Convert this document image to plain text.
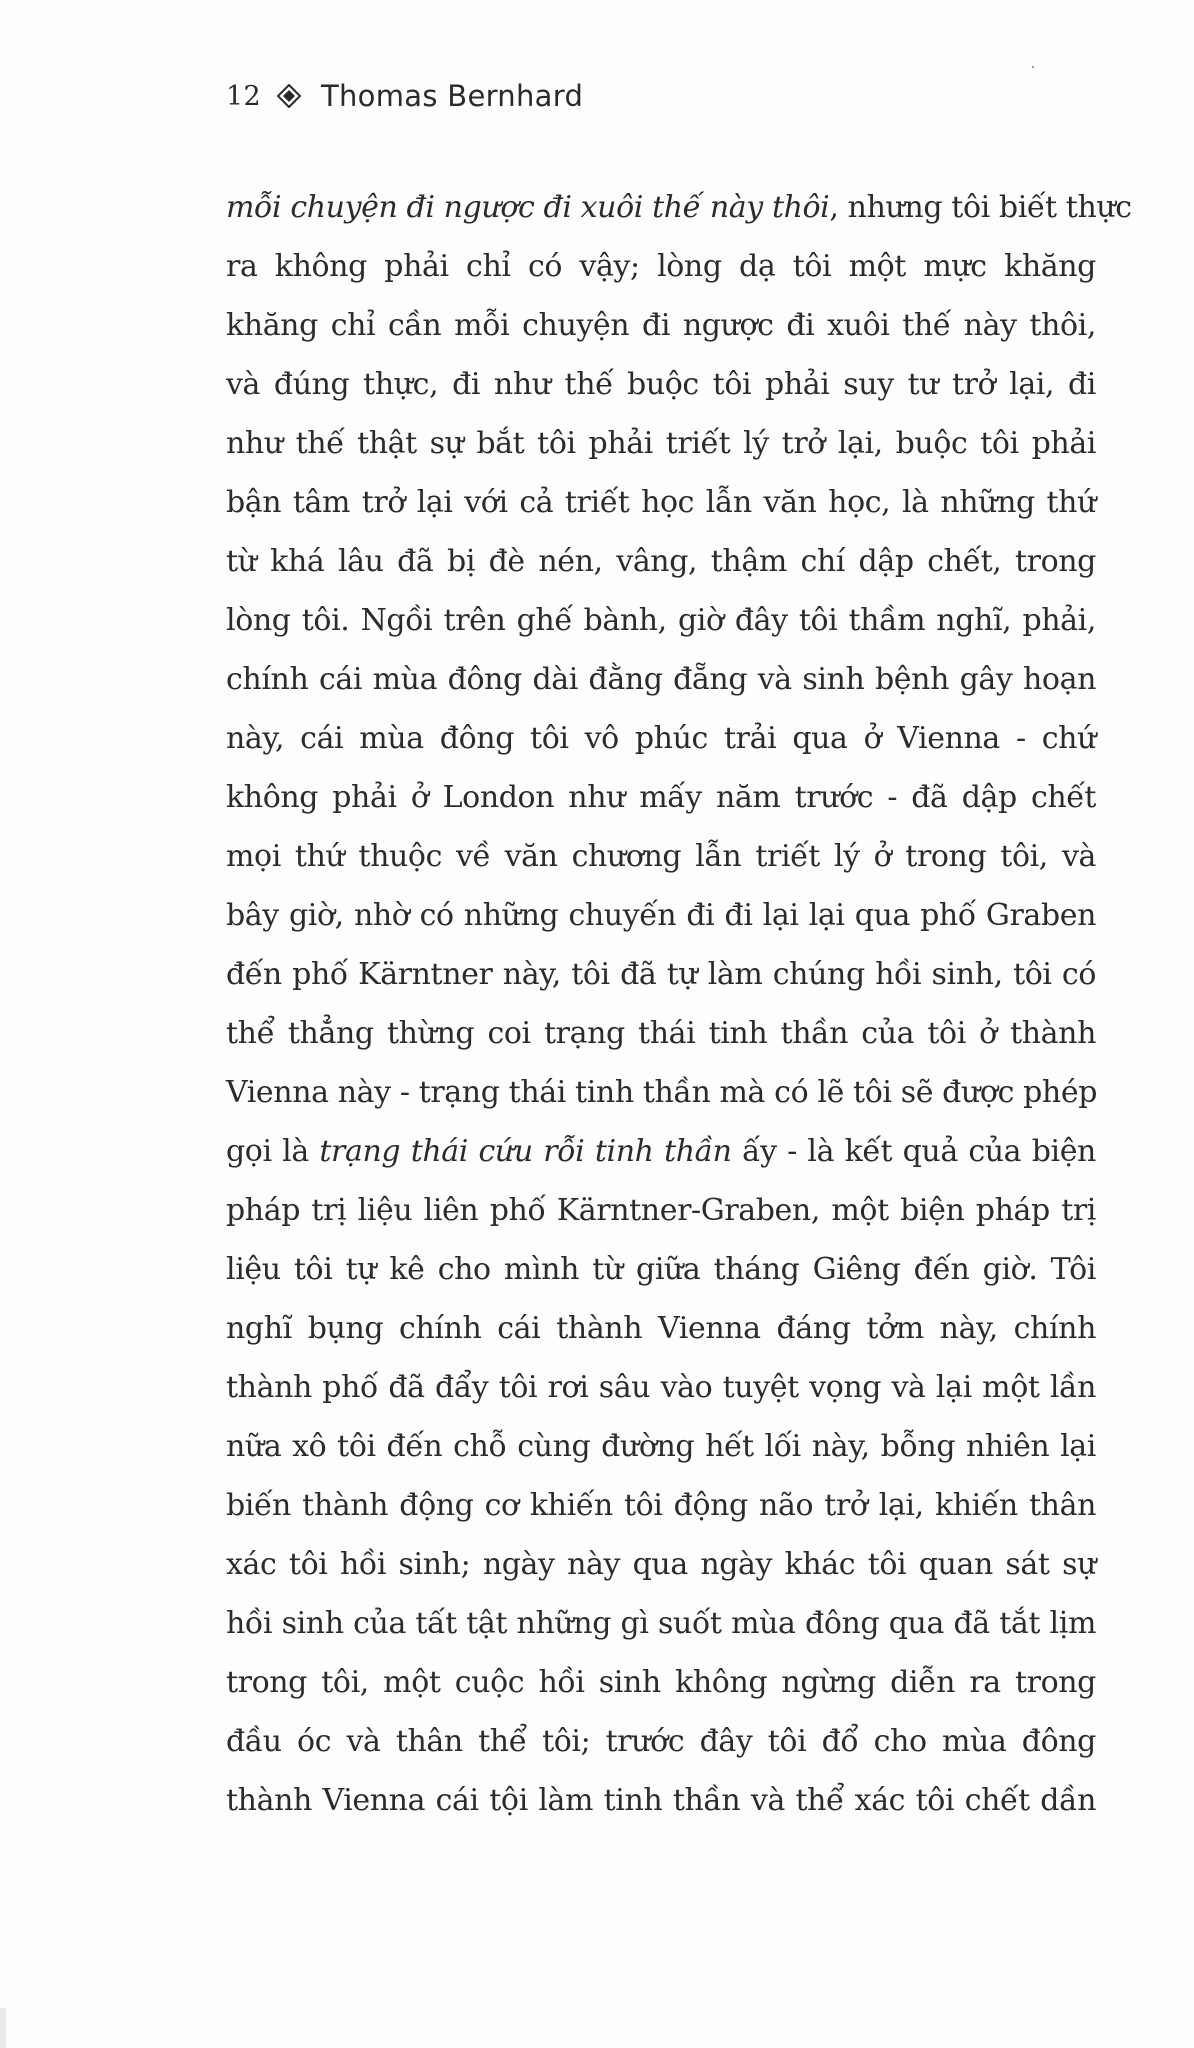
12 Thomas Bernhard
mỗi chuyện đi ngược đi xuôi thế này thôi, nhưng tôi biết thực
ra không phải chỉ có vậy; lòng dạ tôi một mực khăng
khăng chỉ cần mỗi chuyện đi ngược đi xuôi thế này thôi,
và đúng thực, đi như thế buộc tôi phải suy tư trở lại, đi
như thế thật sự bắt tôi phải triết lý trở lại, buộc tôi phải
bận tâm trở lại với cả triết học lẫn văn học, là những thứ
từ khá lâu đã bị đè nén, vâng, thậm chí dập chết, trong
lòng tôi. Ngồi trên ghế bành, giờ đây tôi thầm nghĩ, phải,
chính cái mùa đông dài đằng đẵng và sinh bệnh gây hoạn
này, cái mùa đông tôi vô phúc trải qua ở Vienna - chứ
không phải ở London như mấy năm trước - đã dập chết
mọi thứ thuộc về văn chương lẫn triết lý ở trong tôi, và
bây giờ, nhờ có những chuyến đi đi lại lại qua phố Graben
đến phố Kärntner này, tôi đã tự làm chúng hồi sinh, tôi có
thể thẳng thừng coi trạng thái tinh thần của tôi ở thành
Vienna này - trạng thái tinh thần mà có lẽ tôi sẽ được phép
gọi là trạng thái cứu rỗi tinh thần ấy - là kết quả của biện
pháp trị liệu liên phố Kärntner-Graben, một biện pháp trị
liệu tôi tự kê cho mình từ giữa tháng Giêng đến giờ. Tôi
nghĩ bụng chính cái thành Vienna đáng tởm này, chính
thành phố đã đẩy tôi rơi sâu vào tuyệt vọng và lại một lần
nữa xô tôi đến chỗ cùng đường hết lối này, bỗng nhiên lại
biến thành động cơ khiến tôi động não trở lại, khiến thân
xác tôi hồi sinh; ngày này qua ngày khác tôi quan sát sự
hồi sinh của tất tật những gì suốt mùa đông qua đã tắt lịm
trong tôi, một cuộc hồi sinh không ngừng diễn ra trong
đầu óc và thân thể tôi; trước đây tôi đổ cho mùa đông
thành Vienna cái tội làm tinh thần và thể xác tôi chết dần
